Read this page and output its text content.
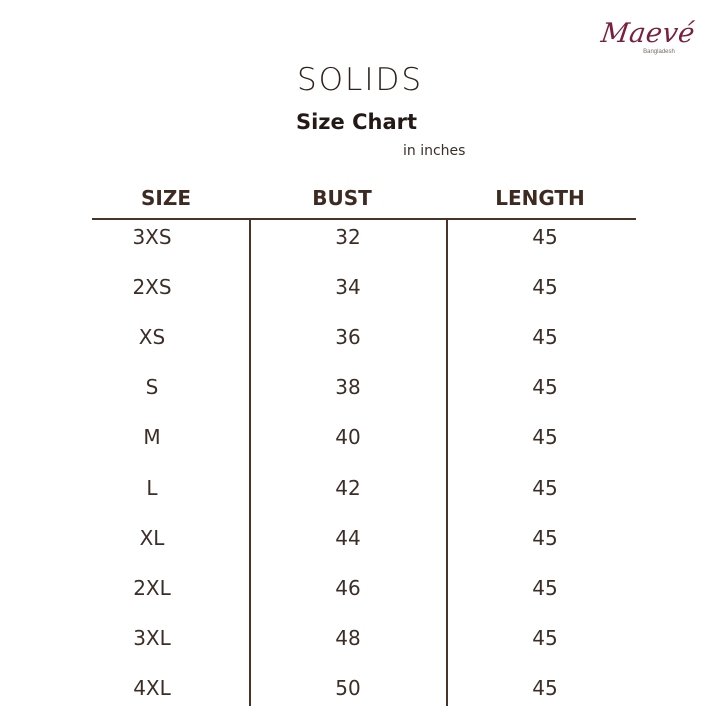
Maevé
Bangladesh
SOLIDS
Size Chart
in inches
SIZE	BUST	LENGTH
3XS	32	45
2XS	34	45
XS	36	45
S	38	45
M	40	45
L	42	45
XL	44	45
2XL	46	45
3XL	48	45
4XL	50	45
